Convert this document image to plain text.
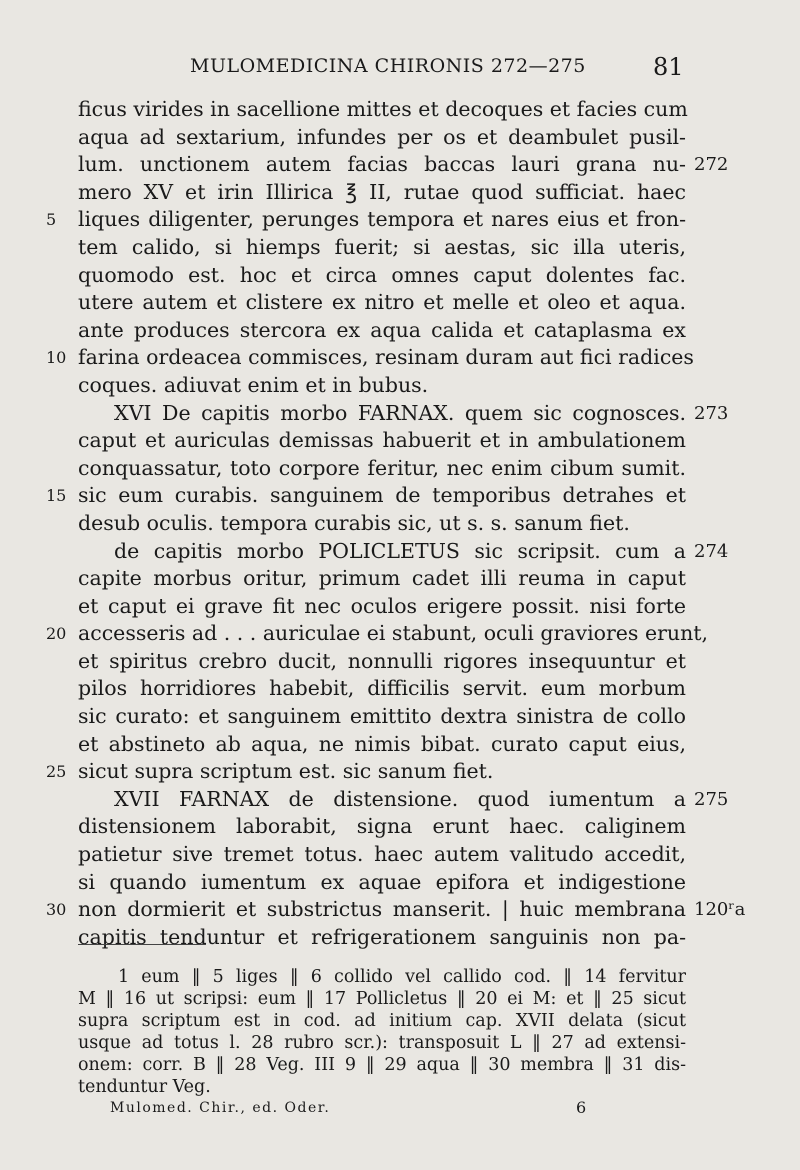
MULOMEDICINA CHIRONIS 272—275	81
ficus virides in sacellione mittes et decoques et facies cum
aqua ad sextarium, infundes per os et deambulet pusil-
lum. unctionem autem facias baccas lauri grana nu- 272
mero XV et irin Illirica ℥ II, rutae quod sufficiat. haec
5	liques diligenter, perunges tempora et nares eius et fron-
tem calido, si hiemps fuerit; si aestas, sic illa uteris,
quomodo est. hoc et circa omnes caput dolentes fac.
utere autem et clistere ex nitro et melle et oleo et aqua.
ante produces stercora ex aqua calida et cataplasma ex
10 farina ordeacea commisces, resinam duram aut fici radices
coques. adiuvat enim et in bubus.
XVI De capitis morbo FARNAX. quem sic cognosces. 273
caput et auriculas demissas habuerit et in ambulationem
conquassatur, toto corpore feritur, nec enim cibum sumit.
15 sic eum curabis. sanguinem de temporibus detrahes et
desub oculis. tempora curabis sic, ut s. s. sanum fiet.
de capitis morbo POLICLETUS sic scripsit. cum a 274
capite morbus oritur, primum cadet illi reuma in caput
et caput ei grave fit nec oculos erigere possit. nisi forte
20 accesseris ad . . . auriculae ei stabunt, oculi graviores erunt,
et spiritus crebro ducit, nonnulli rigores insequuntur et
pilos horridiores habebit, difficilis servit. eum morbum
sic curato: et sanguinem emittito dextra sinistra de collo
et abstineto ab aqua, ne nimis bibat. curato caput eius,
25 sicut supra scriptum est. sic sanum fiet.
XVII FARNAX de distensione. quod iumentum a 275
distensionem laborabit, signa erunt haec. caliginem
patietur sive tremet totus. haec autem valitudo accedit,
si quando iumentum ex aquae epifora et indigestione
30 non dormierit et substrictus manserit. | huic membrana 120ʳa
capitis tenduntur et refrigerationem sanguinis non pa-
1 eum ‖ 5 liges ‖ 6 collido vel callido cod. ‖ 14 fervitur
M ‖ 16 ut scripsi: eum ‖ 17 Pollicletus ‖ 20 ei M: et ‖ 25 sicut
supra scriptum est in cod. ad initium cap. XVII delata (sicut
usque ad totus l. 28 rubro scr.): transposuit L ‖ 27 ad extensi-
onem: corr. B ‖ 28 Veg. III 9 ‖ 29 aqua ‖ 30 membra ‖ 31 dis-
tenduntur Veg.
Mulomed. Chir., ed. Oder.	6
